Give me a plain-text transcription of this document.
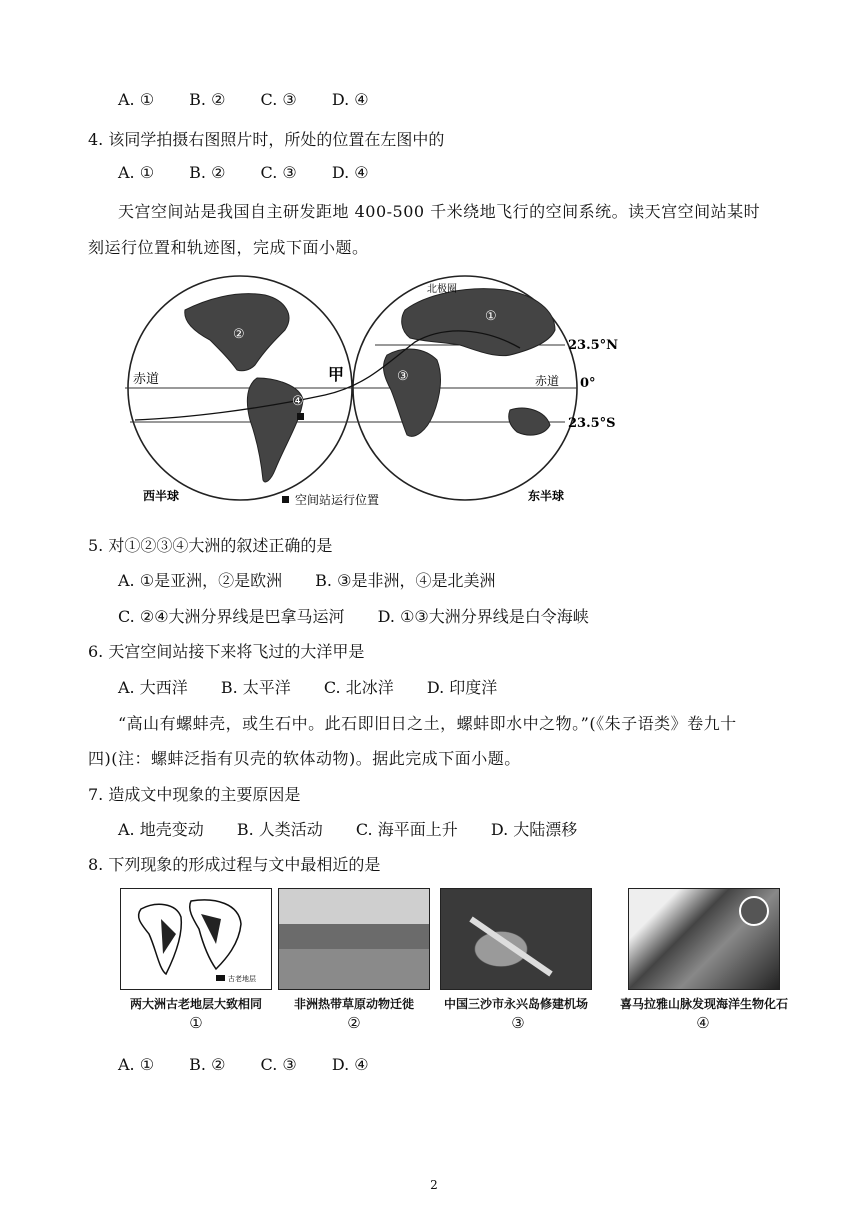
A. ① B. ② C. ③ D. ④
4. 该同学拍摄右图照片时，所处的位置在左图中的
A. ① B. ② C. ③ D. ④
天宫空间站是我国自主研发距地 400-500 千米绕地飞行的空间系统。读天宫空间站某时
刻运行位置和轨迹图，完成下面小题。
赤道	赤道
甲
23.5°N
0°
23.5°S
西半球	东半球
空间站运行位置
北极圈
①
②
③
④
5. 对①②③④大洲的叙述正确的是
A. ①是亚洲，②是欧洲 B. ③是非洲，④是北美洲
C. ②④大洲分界线是巴拿马运河 D. ①③大洲分界线是白令海峡
6. 天宫空间站接下来将飞过的大洋甲是
A. 大西洋 B. 太平洋 C. 北冰洋 D. 印度洋
“高山有螺蚌壳，或生石中。此石即旧日之土，螺蚌即水中之物。”(《朱子语类》卷九十
四)(注：螺蚌泛指有贝壳的软体动物)。据此完成下面小题。
7. 造成文中现象的主要原因是
A. 地壳变动 B. 人类活动 C. 海平面上升 D. 大陆漂移
8. 下列现象的形成过程与文中最相近的是
古老地层
两大洲古老地层大致相同	非洲热带草原动物迁徙	中国三沙市永兴岛修建机场	喜马拉雅山脉发现海洋生物化石
①	②	③	④
A. ① B. ② C. ③ D. ④
2
